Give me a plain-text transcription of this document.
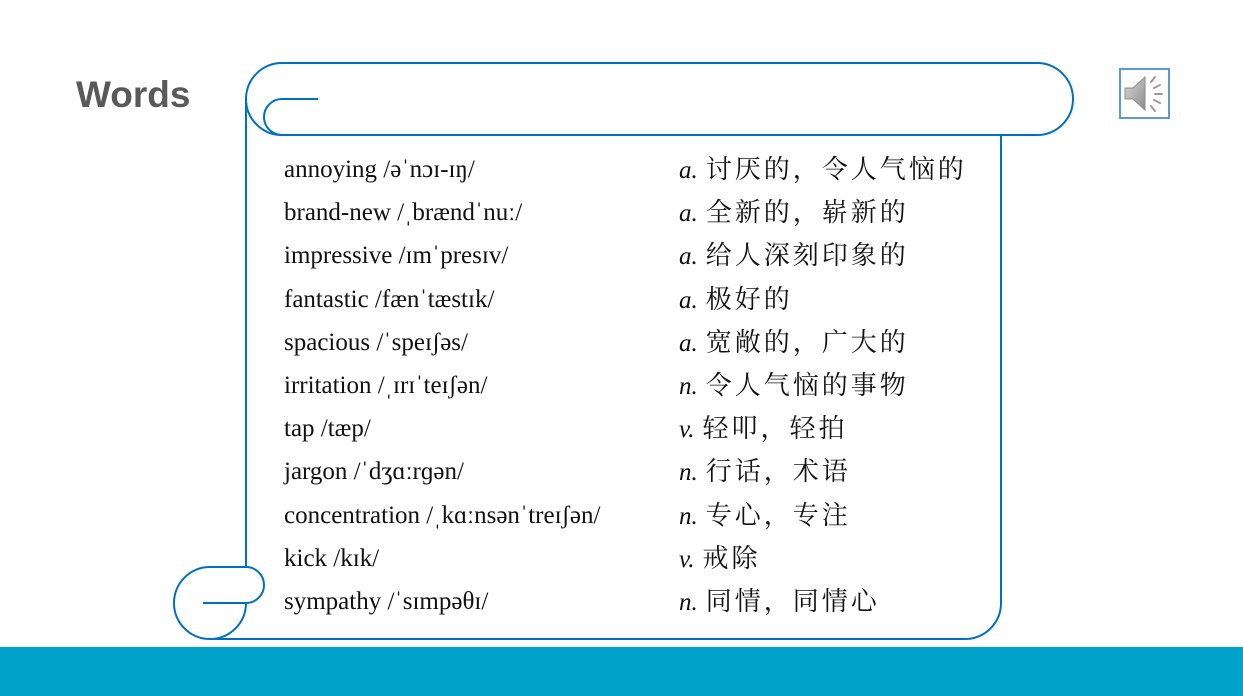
Words
annoying /əˈnɔɪ-ɪŋ/	a. 讨厌的，令人气恼的
brand-new /ˌbrændˈnuː/	a. 全新的，崭新的
impressive /ɪmˈpresɪv/	a. 给人深刻印象的
fantastic /fænˈtæstɪk/	a. 极好的
spacious /ˈspeɪʃəs/	a. 宽敞的，广大的
irritation /ˌɪrɪˈteɪʃən/	n. 令人气恼的事物
tap /tæp/	v. 轻叩，轻拍
jargon /ˈdʒɑːrɡən/	n. 行话，术语
concentration /ˌkɑːnsənˈtreɪʃən/	n. 专心，专注
kick /kɪk/	v. 戒除
sympathy /ˈsɪmpəθɪ/	n. 同情，同情心
